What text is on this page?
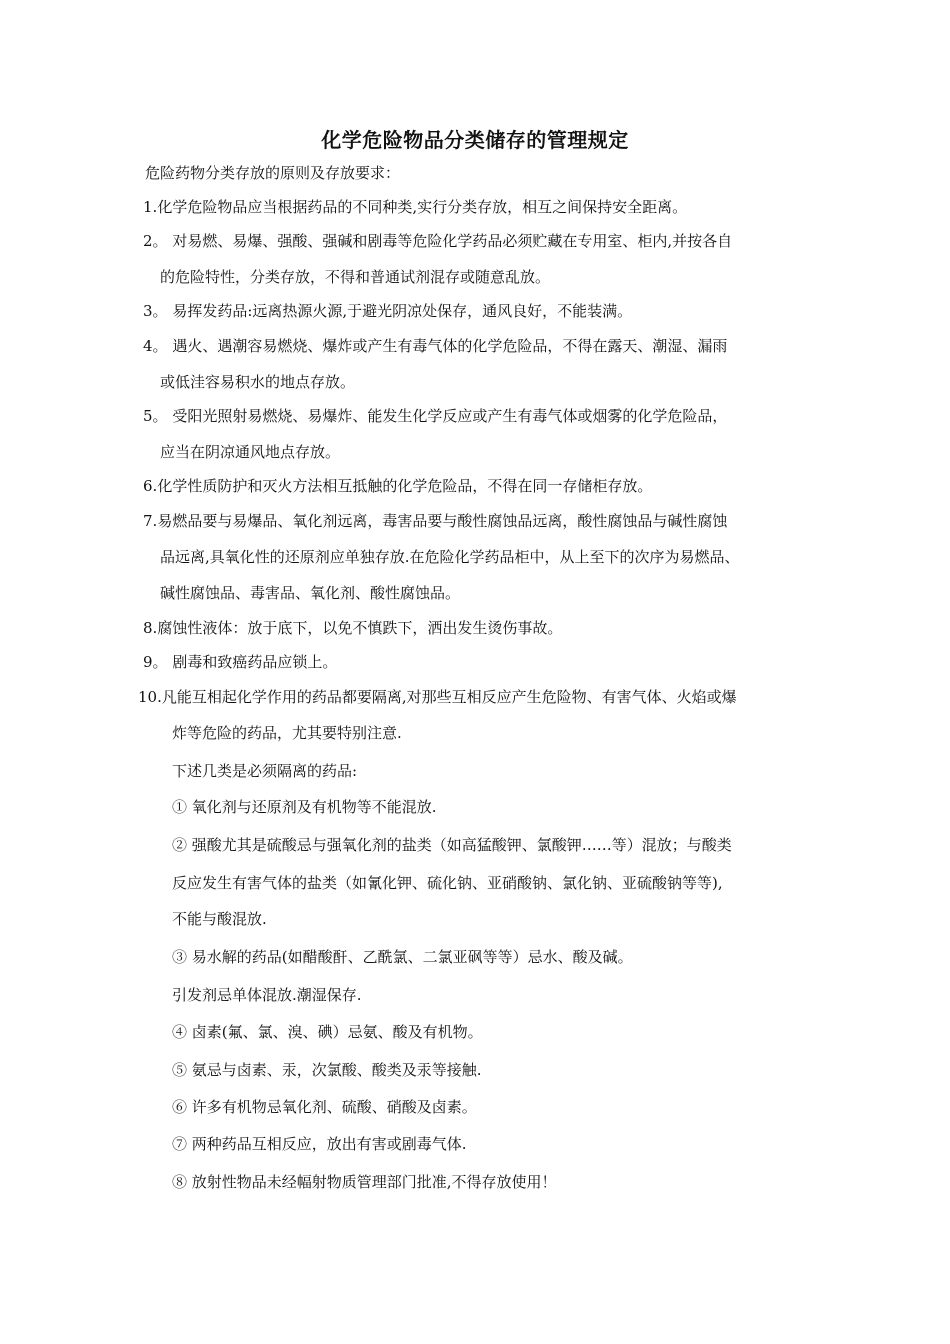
化学危险物品分类储存的管理规定
危险药物分类存放的原则及存放要求：
1.化学危险物品应当根据药品的不同种类,实行分类存放，相互之间保持安全距离。
2。 对易燃、易爆、强酸、强碱和剧毒等危险化学药品必须贮藏在专用室、柜内,并按各自
的危险特性，分类存放，不得和普通试剂混存或随意乱放。
3。 易挥发药品:远离热源火源,于避光阴凉处保存，通风良好，不能装满。
4。 遇火、遇潮容易燃烧、爆炸或产生有毒气体的化学危险品，不得在露天、潮湿、漏雨
或低洼容易积水的地点存放。
5。 受阳光照射易燃烧、易爆炸、能发生化学反应或产生有毒气体或烟雾的化学危险品，
应当在阴凉通风地点存放。
6.化学性质防护和灭火方法相互抵触的化学危险品，不得在同一存储柜存放。
7.易燃品要与易爆品、氧化剂远离，毒害品要与酸性腐蚀品远离，酸性腐蚀品与碱性腐蚀
品远离,具氧化性的还原剂应单独存放.在危险化学药品柜中，从上至下的次序为易燃品、
碱性腐蚀品、毒害品、氧化剂、酸性腐蚀品。
8.腐蚀性液体：放于底下，以免不慎跌下，洒出发生烫伤事故。
9。 剧毒和致癌药品应锁上。
10.凡能互相起化学作用的药品都要隔离,对那些互相反应产生危险物、有害气体、火焰或爆
炸等危险的药品，尤其要特别注意.
下述几类是必须隔离的药品:
① 氧化剂与还原剂及有机物等不能混放.
② 强酸尤其是硫酸忌与强氧化剂的盐类（如高猛酸钾、氯酸钾……等）混放；与酸类
反应发生有害气体的盐类（如氰化钾、硫化钠、亚硝酸钠、氯化钠、亚硫酸钠等等),
不能与酸混放.
③ 易水解的药品(如醋酸酐、乙酰氯、二氯亚砜等等）忌水、酸及碱。
引发剂忌单体混放.潮湿保存.
④ 卤素(氟、氯、溴、碘）忌氨、酸及有机物。
⑤ 氨忌与卤素、汞，次氯酸、酸类及汞等接触.
⑥ 许多有机物忌氧化剂、硫酸、硝酸及卤素。
⑦ 两种药品互相反应，放出有害或剧毒气体.
⑧ 放射性物品未经幅射物质管理部门批准,不得存放使用！
